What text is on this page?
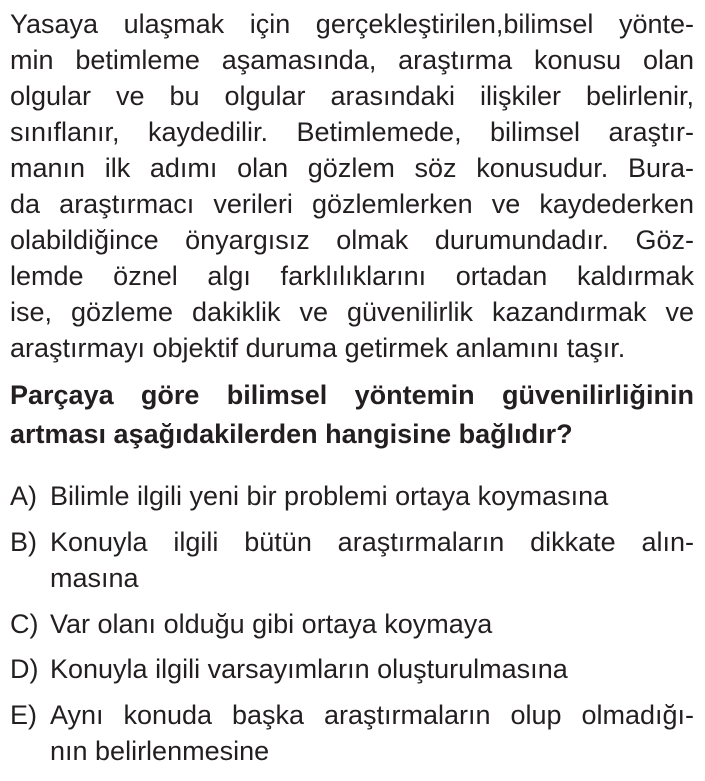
Yasaya ulaşmak için gerçekleştirilen,bilimsel yönte-
min betimleme aşamasında, araştırma konusu olan
olgular ve bu olgular arasındaki ilişkiler belirlenir,
sınıflanır, kaydedilir. Betimlemede, bilimsel araştır-
manın ilk adımı olan gözlem söz konusudur. Bura-
da araştırmacı verileri gözlemlerken ve kaydederken
olabildiğince önyargısız olmak durumundadır. Göz-
lemde öznel algı farklılıklarını ortadan kaldırmak
ise, gözleme dakiklik ve güvenilirlik kazandırmak ve
araştırmayı objektif duruma getirmek anlamını taşır.
Parçaya göre bilimsel yöntemin güvenilirliğinin
artması aşağıdakilerden hangisine bağlıdır?
A) Bilimle ilgili yeni bir problemi ortaya koymasına
B) Konuyla ilgili bütün araştırmaların dikkate alın-
masına
C) Var olanı olduğu gibi ortaya koymaya
D) Konuyla ilgili varsayımların oluşturulmasına
E) Aynı konuda başka araştırmaların olup olmadığı-
nın belirlenmesine
